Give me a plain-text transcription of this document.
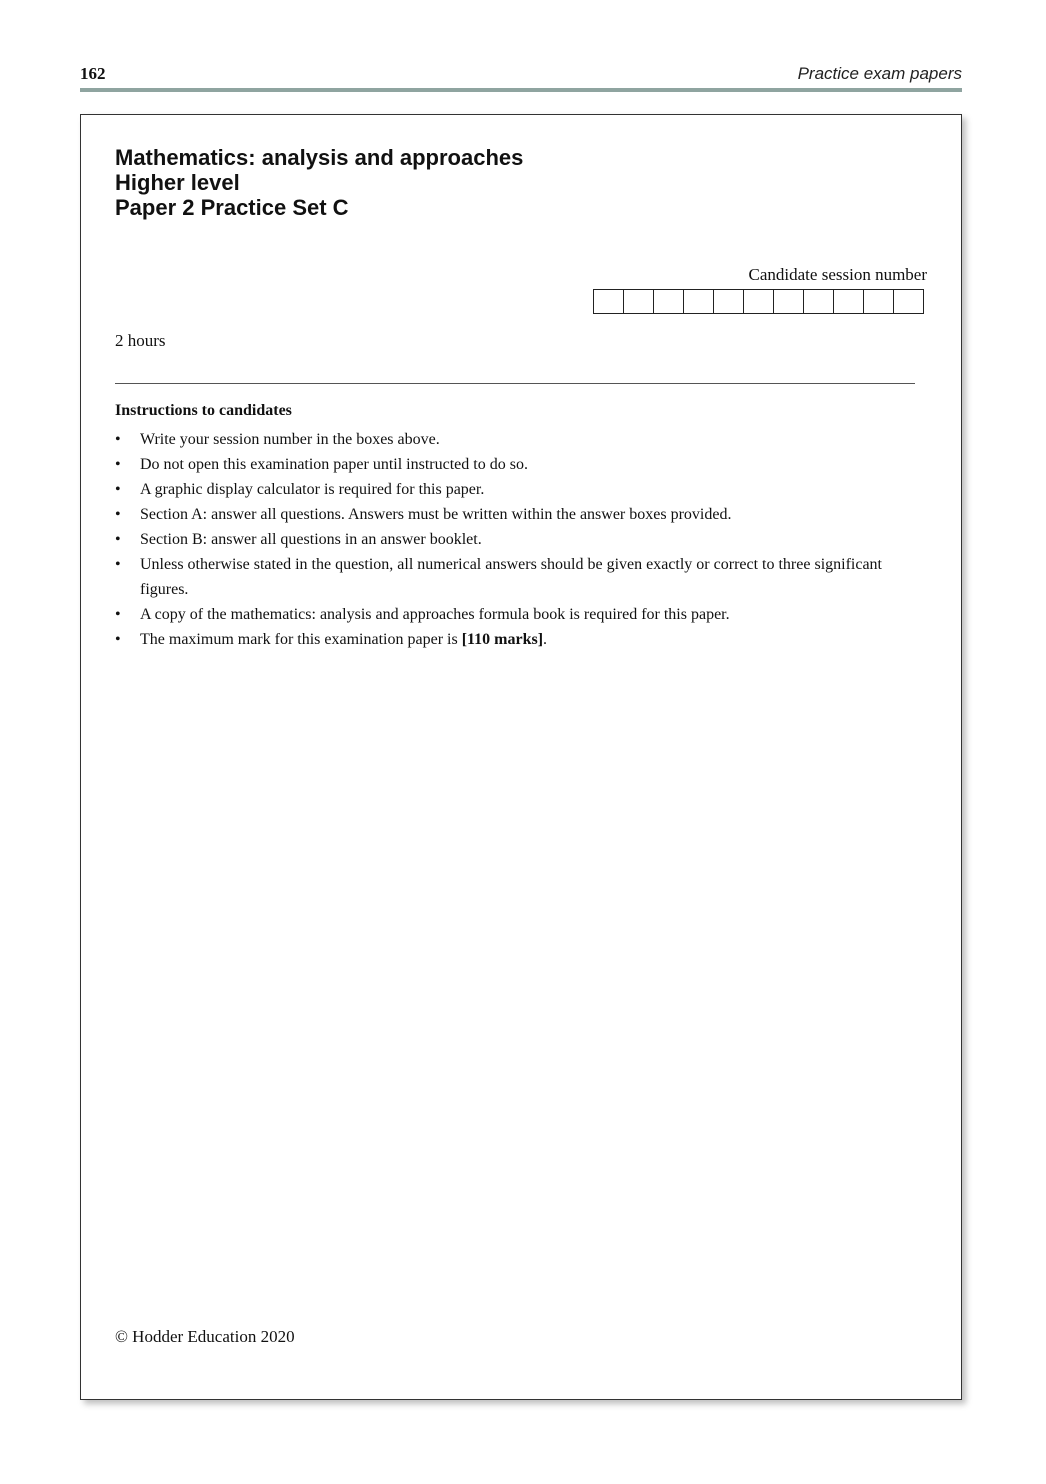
162	Practice exam papers
Mathematics: analysis and approaches
Higher level
Paper 2 Practice Set C
Candidate session number
2 hours
Instructions to candidates
• Write your session number in the boxes above.
• Do not open this examination paper until instructed to do so.
• A graphic display calculator is required for this paper.
• Section A: answer all questions. Answers must be written within the answer boxes provided.
• Section B: answer all questions in an answer booklet.
• Unless otherwise stated in the question, all numerical answers should be given exactly or correct to three significant figures.
• A copy of the mathematics: analysis and approaches formula book is required for this paper.
• The maximum mark for this examination paper is [110 marks].
© Hodder Education 2020
